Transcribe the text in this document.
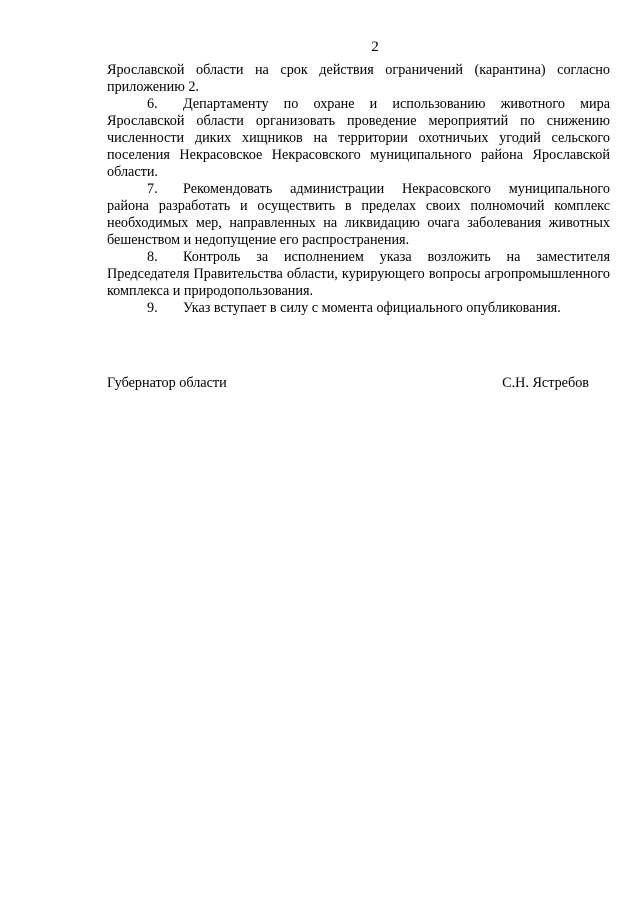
2

Ярославской области на срок действия ограничений (карантина) согласно приложению 2.

6. Департаменту по охране и использованию животного мира Ярославской области организовать проведение мероприятий по снижению численности диких хищников на территории охотничьих угодий сельского поселения Некрасовское Некрасовского муниципального района Ярославской области.

7. Рекомендовать администрации Некрасовского муниципального района разработать и осуществить в пределах своих полномочий комплекс необходимых мер, направленных на ликвидацию очага заболевания животных бешенством и недопущение его распространения.

8. Контроль за исполнением указа возложить на заместителя Председателя Правительства области, курирующего вопросы агропромышленного комплекса и природопользования.

9. Указ вступает в силу с момента официального опубликования.

Губернатор области	С.Н. Ястребов
